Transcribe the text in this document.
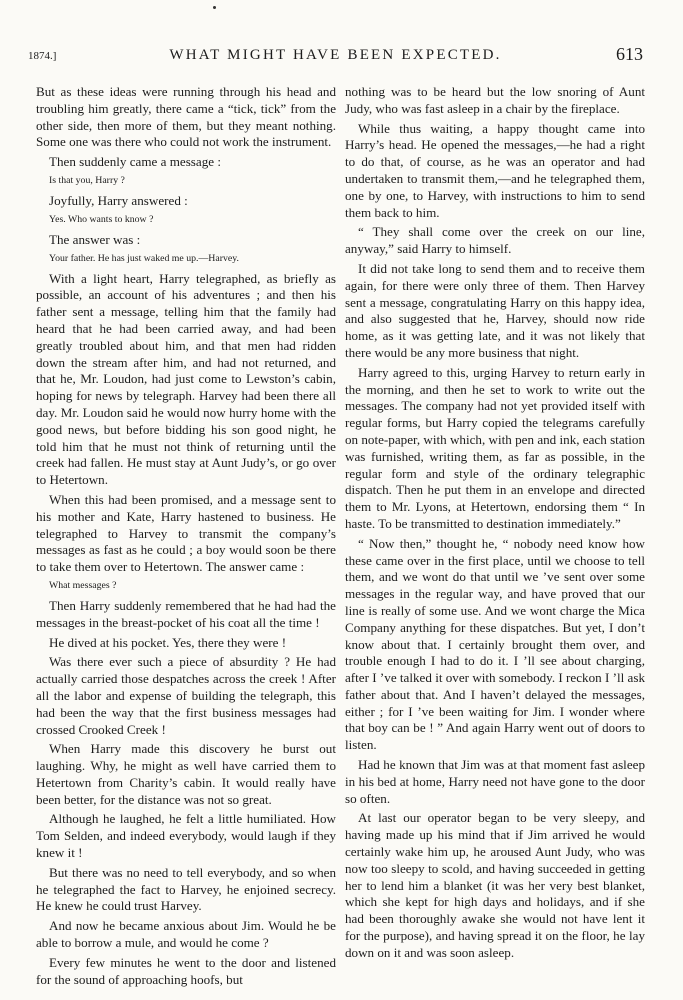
1874.]	WHAT MIGHT HAVE BEEN EXPECTED.	613

But as these ideas were running through his head and troubling him greatly, there came a “tick, tick” from the other side, then more of them, but they meant nothing. Some one was there who could not work the instrument.

Then suddenly came a message :

Is that you, Harry ?

Joyfully, Harry answered :

Yes. Who wants to know ?

The answer was :

Your father. He has just waked me up.—Harvey.

With a light heart, Harry telegraphed, as briefly as possible, an account of his adventures ; and then his father sent a message, telling him that the family had heard that he had been carried away, and had been greatly troubled about him, and that men had ridden down the stream after him, and had not returned, and that he, Mr. Loudon, had just come to Lewston’s cabin, hoping for news by telegraph. Harvey had been there all day. Mr. Loudon said he would now hurry home with the good news, but before bidding his son good night, he told him that he must not think of returning until the creek had fallen. He must stay at Aunt Judy’s, or go over to Hetertown.

When this had been promised, and a message sent to his mother and Kate, Harry hastened to business. He telegraphed to Harvey to transmit the company’s messages as fast as he could ; a boy would soon be there to take them over to Hetertown. The answer came :

What messages ?

Then Harry suddenly remembered that he had had the messages in the breast-pocket of his coat all the time !

He dived at his pocket. Yes, there they were !

Was there ever such a piece of absurdity ? He had actually carried those despatches across the creek ! After all the labor and expense of building the telegraph, this had been the way that the first business messages had crossed Crooked Creek !

When Harry made this discovery he burst out laughing. Why, he might as well have carried them to Hetertown from Charity’s cabin. It would really have been better, for the distance was not so great.

Although he laughed, he felt a little humiliated. How Tom Selden, and indeed everybody, would laugh if they knew it !

But there was no need to tell everybody, and so when he telegraphed the fact to Harvey, he enjoined secrecy. He knew he could trust Harvey.

And now he became anxious about Jim. Would he be able to borrow a mule, and would he come ?

Every few minutes he went to the door and listened for the sound of approaching hoofs, but

nothing was to be heard but the low snoring of Aunt Judy, who was fast asleep in a chair by the fireplace.

While thus waiting, a happy thought came into Harry’s head. He opened the messages,—he had a right to do that, of course, as he was an operator and had undertaken to transmit them,—and he telegraphed them, one by one, to Harvey, with instructions to him to send them back to him.

“ They shall come over the creek on our line, anyway,” said Harry to himself.

It did not take long to send them and to receive them again, for there were only three of them. Then Harvey sent a message, congratulating Harry on this happy idea, and also suggested that he, Harvey, should now ride home, as it was getting late, and it was not likely that there would be any more business that night.

Harry agreed to this, urging Harvey to return early in the morning, and then he set to work to write out the messages. The company had not yet provided itself with regular forms, but Harry copied the telegrams carefully on note-paper, with which, with pen and ink, each station was furnished, writing them, as far as possible, in the regular form and style of the ordinary telegraphic dispatch. Then he put them in an envelope and directed them to Mr. Lyons, at Hetertown, endorsing them “ In haste. To be transmitted to destination immediately.”

“ Now then,” thought he, “ nobody need know how these came over in the first place, until we choose to tell them, and we wont do that until we ’ve sent over some messages in the regular way, and have proved that our line is really of some use. And we wont charge the Mica Company anything for these dispatches. But yet, I don’t know about that. I certainly brought them over, and trouble enough I had to do it. I ’ll see about charging, after I ’ve talked it over with somebody. I reckon I ’ll ask father about that. And I haven’t delayed the messages, either ; for I ’ve been waiting for Jim. I wonder where that boy can be ! ” And again Harry went out of doors to listen.

Had he known that Jim was at that moment fast asleep in his bed at home, Harry need not have gone to the door so often.

At last our operator began to be very sleepy, and having made up his mind that if Jim arrived he would certainly wake him up, he aroused Aunt Judy, who was now too sleepy to scold, and having succeeded in getting her to lend him a blanket (it was her very best blanket, which she kept for high days and holidays, and if she had been thoroughly awake she would not have lent it for the purpose), and having spread it on the floor, he lay down on it and was soon asleep.
